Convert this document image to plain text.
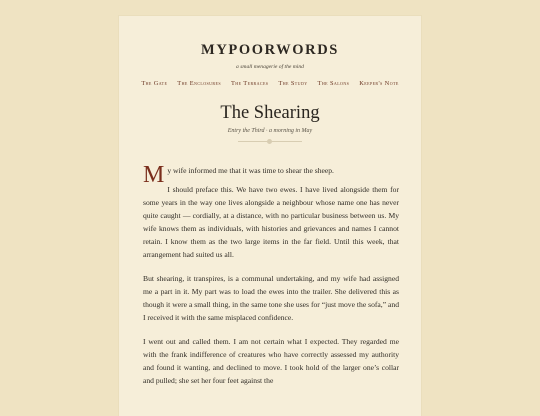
MYPOORWORDS
a small menagerie of the mind
The Gate The Enclosures The Terraces The Study The Salons Keeper's Note
The Shearing
Entry the Third · a morning in May

M y wife informed me that it was time to shear the sheep.

I should preface this. We have two ewes. I have lived alongside them for some years in the way one lives alongside a neighbour whose name one has never quite caught — cordially, at a distance, with no particular business between us. My wife knows them as individuals, with histories and grievances and names I cannot retain. I know them as the two large items in the far field. Until this week, that arrangement had suited us all.

But shearing, it transpires, is a communal undertaking, and my wife had assigned me a part in it. My part was to load the ewes into the trailer. She delivered this as though it were a small thing, in the same tone she uses for “just move the sofa,” and I received it with the same misplaced confidence.

I went out and called them. I am not certain what I expected. They regarded me with the frank indifference of creatures who have correctly assessed my authority and found it wanting, and declined to move. I took hold of the larger one’s collar and pulled; she set her four feet against the
